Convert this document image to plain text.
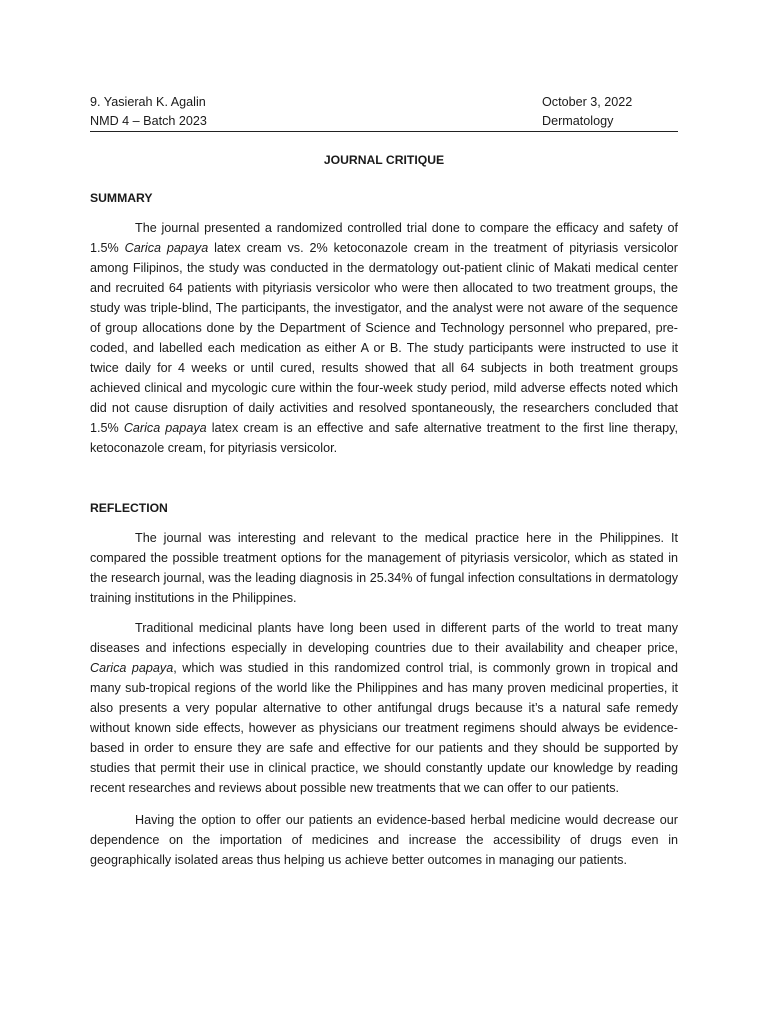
9. Yasierah K. Agalin
NMD 4 – Batch 2023
October 3, 2022
Dermatology
JOURNAL CRITIQUE
SUMMARY

The journal presented a randomized controlled trial done to compare the efficacy and safety of 1.5% Carica papaya latex cream vs. 2% ketoconazole cream in the treatment of pityriasis versicolor among Filipinos, the study was conducted in the dermatology out-patient clinic of Makati medical center and recruited 64 patients with pityriasis versicolor who were then allocated to two treatment groups, the study was triple-blind, The participants, the investigator, and the analyst were not aware of the sequence of group allocations done by the Department of Science and Technology personnel who prepared, pre-coded, and labelled each medication as either A or B. The study participants were instructed to use it twice daily for 4 weeks or until cured, results showed that all 64 subjects in both treatment groups achieved clinical and mycologic cure within the four-week study period, mild adverse effects noted which did not cause disruption of daily activities and resolved spontaneously, the researchers concluded that 1.5% Carica papaya latex cream is an effective and safe alternative treatment to the first line therapy, ketoconazole cream, for pityriasis versicolor.

REFLECTION

The journal was interesting and relevant to the medical practice here in the Philippines. It compared the possible treatment options for the management of pityriasis versicolor, which as stated in the research journal, was the leading diagnosis in 25.34% of fungal infection consultations in dermatology training institutions in the Philippines.

Traditional medicinal plants have long been used in different parts of the world to treat many diseases and infections especially in developing countries due to their availability and cheaper price, Carica papaya, which was studied in this randomized control trial, is commonly grown in tropical and many sub-tropical regions of the world like the Philippines and has many proven medicinal properties, it also presents a very popular alternative to other antifungal drugs because it’s a natural safe remedy without known side effects, however as physicians our treatment regimens should always be evidence-based in order to ensure they are safe and effective for our patients and they should be supported by studies that permit their use in clinical practice, we should constantly update our knowledge by reading recent researches and reviews about possible new treatments that we can offer to our patients.

Having the option to offer our patients an evidence-based herbal medicine would decrease our dependence on the importation of medicines and increase the accessibility of drugs even in geographically isolated areas thus helping us achieve better outcomes in managing our patients.
